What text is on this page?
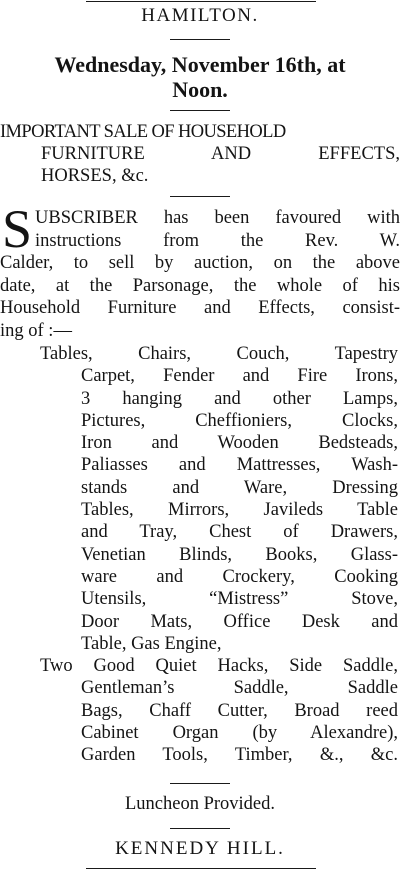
HAMILTON.
Wednesday, November 16th, at
Noon.
IMPORTANT SALE OF HOUSEHOLD
FURNITURE AND EFFECTS,
HORSES, &c.
S UBSCRIBER has been favoured with
instructions from the Rev. W.
Calder, to sell by auction, on the above
date, at the Parsonage, the whole of his
Household Furniture and Effects, consist-
ing of :—
Tables, Chairs, Couch, Tapestry
Carpet, Fender and Fire Irons,
3 hanging and other Lamps,
Pictures, Cheffioniers, Clocks,
Iron and Wooden Bedsteads,
Paliasses and Mattresses, Wash-
stands and Ware, Dressing
Tables, Mirrors, Javileds Table
and Tray, Chest of Drawers,
Venetian Blinds, Books, Glass-
ware and Crockery, Cooking
Utensils, “Mistress” Stove,
Door Mats, Office Desk and
Table, Gas Engine,
Two Good Quiet Hacks, Side Saddle,
Gentleman’s Saddle, Saddle
Bags, Chaff Cutter, Broad reed
Cabinet Organ (by Alexandre),
Garden Tools, Timber, &., &c.
Luncheon Provided.
KENNEDY HILL.
